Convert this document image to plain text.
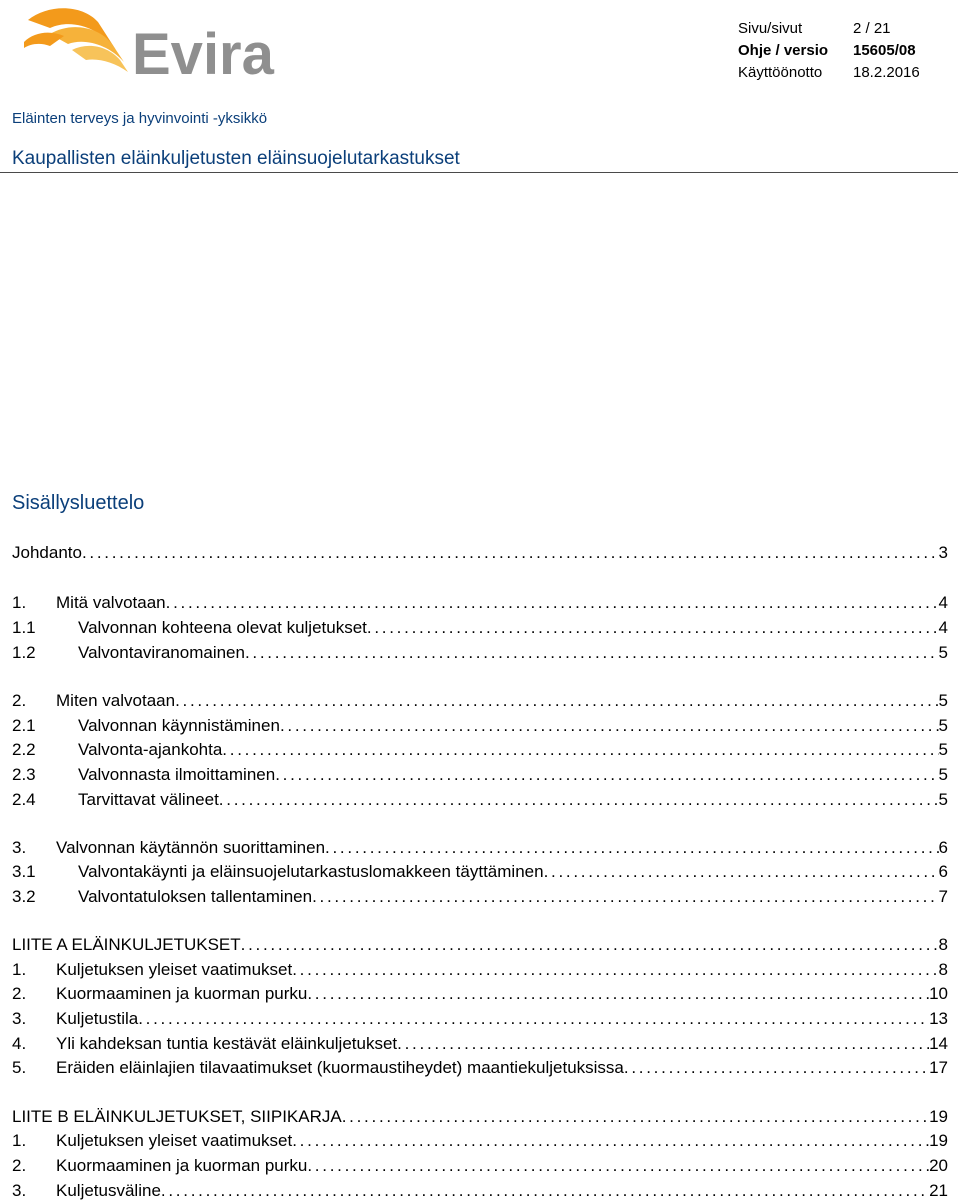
Evira	Sivu/sivut	2 / 21
Ohje / versio	15605/08
Käyttöönotto	18.2.2016
Eläinten terveys ja hyvinvointi -yksikkö
Kaupallisten eläinkuljetusten eläinsuojelutarkastukset
Sisällysluettelo
Johdanto . . .	3
1.	Mitä valvotaan . . .	4
1.1	Valvonnan kohteena olevat kuljetukset . . .	4
1.2	Valvontaviranomainen . . .	5
2.	Miten valvotaan . . .	5
2.1	Valvonnan käynnistäminen . . .	5
2.2	Valvonta-ajankohta . . .	5
2.3	Valvonnasta ilmoittaminen . . .	5
2.4	Tarvittavat välineet . . .	5
3.	Valvonnan käytännön suorittaminen . . .	6
3.1	Valvontakäynti ja eläinsuojelutarkastuslomakkeen täyttäminen . . .	6
3.2	Valvontatuloksen tallentaminen . . .	7
LIITE A ELÄINKULJETUKSET . . .	8
1.	Kuljetuksen yleiset vaatimukset . . .	8
2.	Kuormaaminen ja kuorman purku . . .	10
3.	Kuljetustila . . .	13
4.	Yli kahdeksan tuntia kestävät eläinkuljetukset . . .	14
5.	Eräiden eläinlajien tilavaatimukset (kuormaustiheydet) maantiekuljetuksissa . . .	17
LIITE B ELÄINKULJETUKSET, SIIPIKARJA . . .	19
1.	Kuljetuksen yleiset vaatimukset . . .	19
2.	Kuormaaminen ja kuorman purku . . .	20
3.	Kuljetusväline . . .	21
